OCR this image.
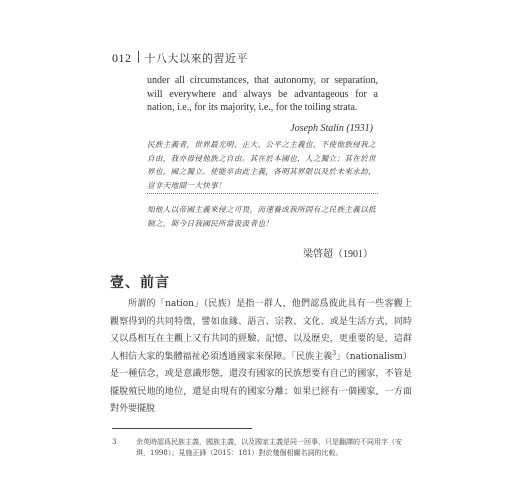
012 十八大以來的習近平
under all circumstances, that autonomy, or separation, will everywhere and always be advantageous for a nation, i.e., for its majority, i.e., for the toiling strata.
Joseph Stalin (1931)
民族主義者，世界最光明、正大、公平之主義也，不使他族侵我之自由，我亦毋侵他族之自由。其在於本國也，人之獨立；其在於世界也，國之獨立。使能卒由此主義，各明其界限以及於未來永劫，豈非天地間一大快事！
知他人以帝國主義來侵之可畏，而速養成我所固有之民族主義以抵制之，斯今日我國民所當汲汲者也！
梁啓超（1901）
壹、前言

所謂的「nation」（民族）是指一群人，他們認爲彼此具有一些客觀上觀察得到的共同特徵，譬如血緣、語言、宗教、文化、或是生活方式，同時又以爲相互在主觀上又有共同的經驗、記憶、以及歷史，更重要的是，這群人相信大家的集體福祉必須透過國家來保障。「民族主義$^3$」（nationalism）是一種信念，或是意識形態，還沒有國家的民族想要有自己的國家，不管是擺脫殖民地的地位，還是由現有的國家分離；如果已經有一個國家，一方面對外要擺脫

3	余英時認爲民族主義，國族主義，以及國家主義是同一回事，只是翻譯的不同用字（安琪，1998）；見施正鋒（2015：181）對於幾個相關名詞的比較。
